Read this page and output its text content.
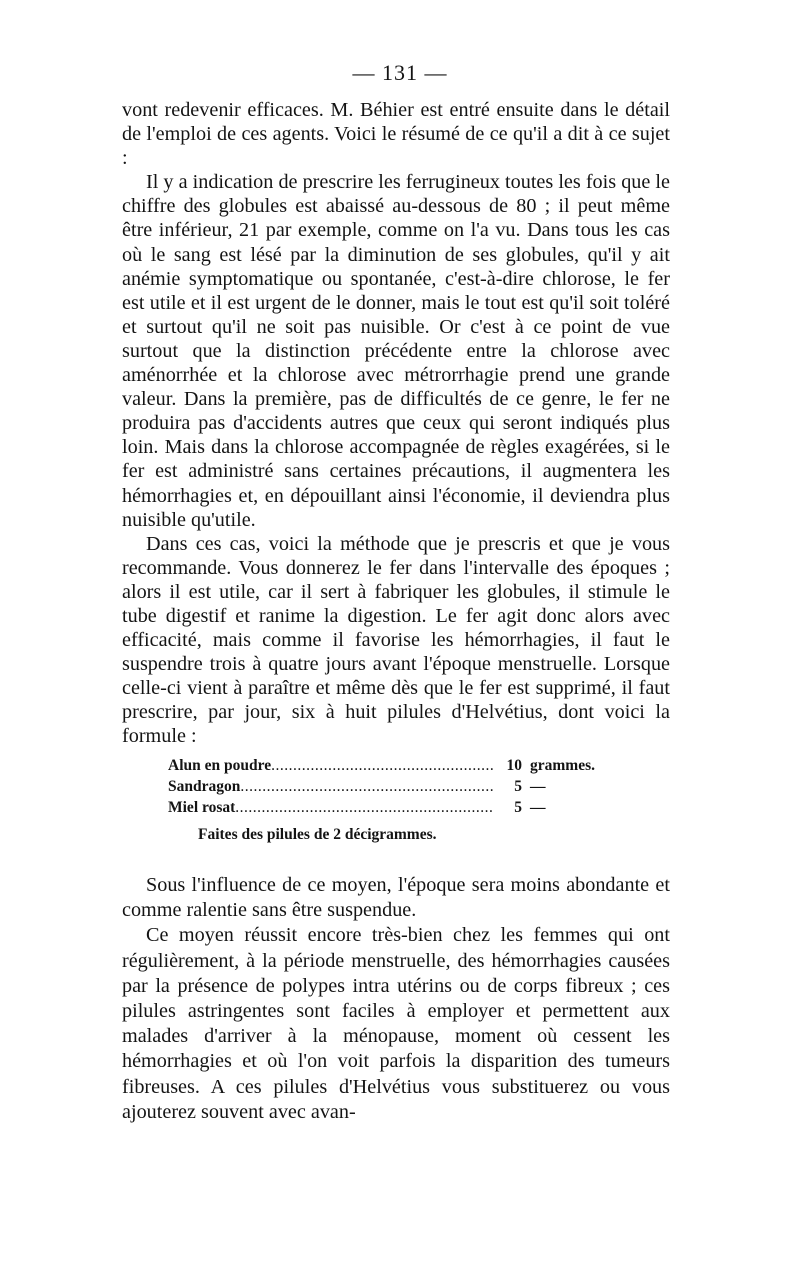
— 131 —

vont redevenir efficaces. M. Béhier est entré ensuite dans le détail de l'emploi de ces agents. Voici le résumé de ce qu'il a dit à ce sujet :

Il y a indication de prescrire les ferrugineux toutes les fois que le chiffre des globules est abaissé au-dessous de 80 ; il peut même être inférieur, 21 par exemple, comme on l'a vu. Dans tous les cas où le sang est lésé par la diminution de ses globules, qu'il y ait anémie symptomatique ou spontanée, c'est-à-dire chlorose, le fer est utile et il est urgent de le donner, mais le tout est qu'il soit toléré et surtout qu'il ne soit pas nuisible. Or c'est à ce point de vue surtout que la distinction précédente entre la chlorose avec aménorrhée et la chlorose avec métrorrhagie prend une grande valeur. Dans la première, pas de difficultés de ce genre, le fer ne produira pas d'accidents autres que ceux qui seront indiqués plus loin. Mais dans la chlorose accompagnée de règles exagérées, si le fer est administré sans certaines précautions, il augmentera les hémorrhagies et, en dépouillant ainsi l'économie, il deviendra plus nuisible qu'utile.

Dans ces cas, voici la méthode que je prescris et que je vous recommande. Vous donnerez le fer dans l'intervalle des époques ; alors il est utile, car il sert à fabriquer les globules, il stimule le tube digestif et ranime la digestion. Le fer agit donc alors avec efficacité, mais comme il favorise les hémorrhagies, il faut le suspendre trois à quatre jours avant l'époque menstruelle. Lorsque celle-ci vient à paraître et même dès que le fer est supprimé, il faut prescrire, par jour, six à huit pilules d'Helvétius, dont voici la formule :

Alun en poudre .....	10 grammes.
Sandragon .....	5 —
Miel rosat .....	5 —
Faites des pilules de 2 décigrammes.

Sous l'influence de ce moyen, l'époque sera moins abondante et comme ralentie sans être suspendue.

Ce moyen réussit encore très-bien chez les femmes qui ont régulièrement, à la période menstruelle, des hémorrhagies causées par la présence de polypes intra utérins ou de corps fibreux ; ces pilules astringentes sont faciles à employer et permettent aux malades d'arriver à la ménopause, moment où cessent les hémorrhagies et où l'on voit parfois la disparition des tumeurs fibreuses. A ces pilules d'Helvétius vous substituerez ou vous ajouterez souvent avec avan-
